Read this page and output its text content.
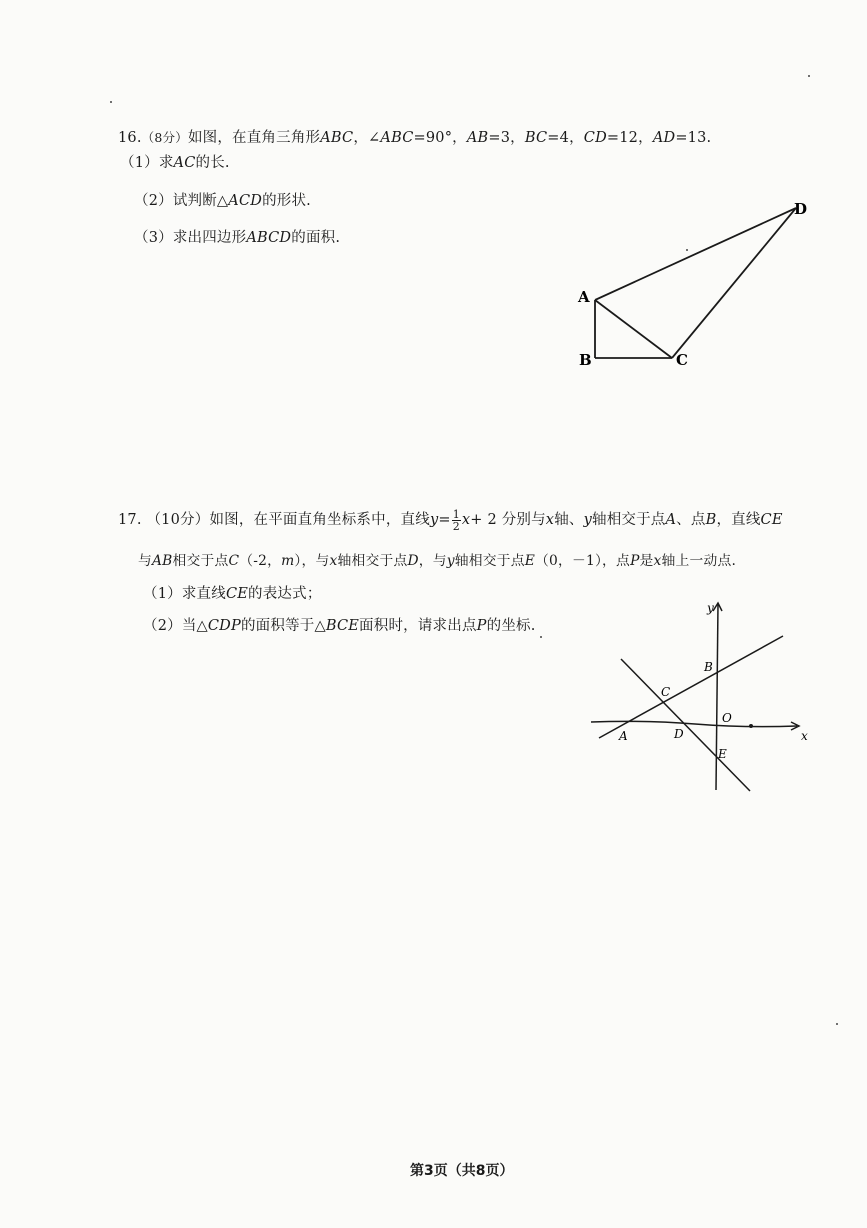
16.（8分）如图，在直角三角形ABC，∠ABC=90°，AB=3，BC=4，CD=12，AD=13.
（1）求AC的长.
（2）试判断△ACD的形状.
（3）求出四边形ABCD的面积.
A
B	C
D
17. （10分）如图，在平面直角坐标系中，直线$y= \frac{1}{2} x+ 2$ 分别与x轴、y轴相交于点A、点B，直线CE
与AB相交于点C（-2，m），与x轴相交于点D，与y轴相交于点E（0，－1），点P是x轴上一动点.
（1）求直线CE的表达式；
（2）当△CDP的面积等于△BCE面积时，请求出点P的坐标.
y
x
B
C
O
A	D
E
第3页（共8页）
